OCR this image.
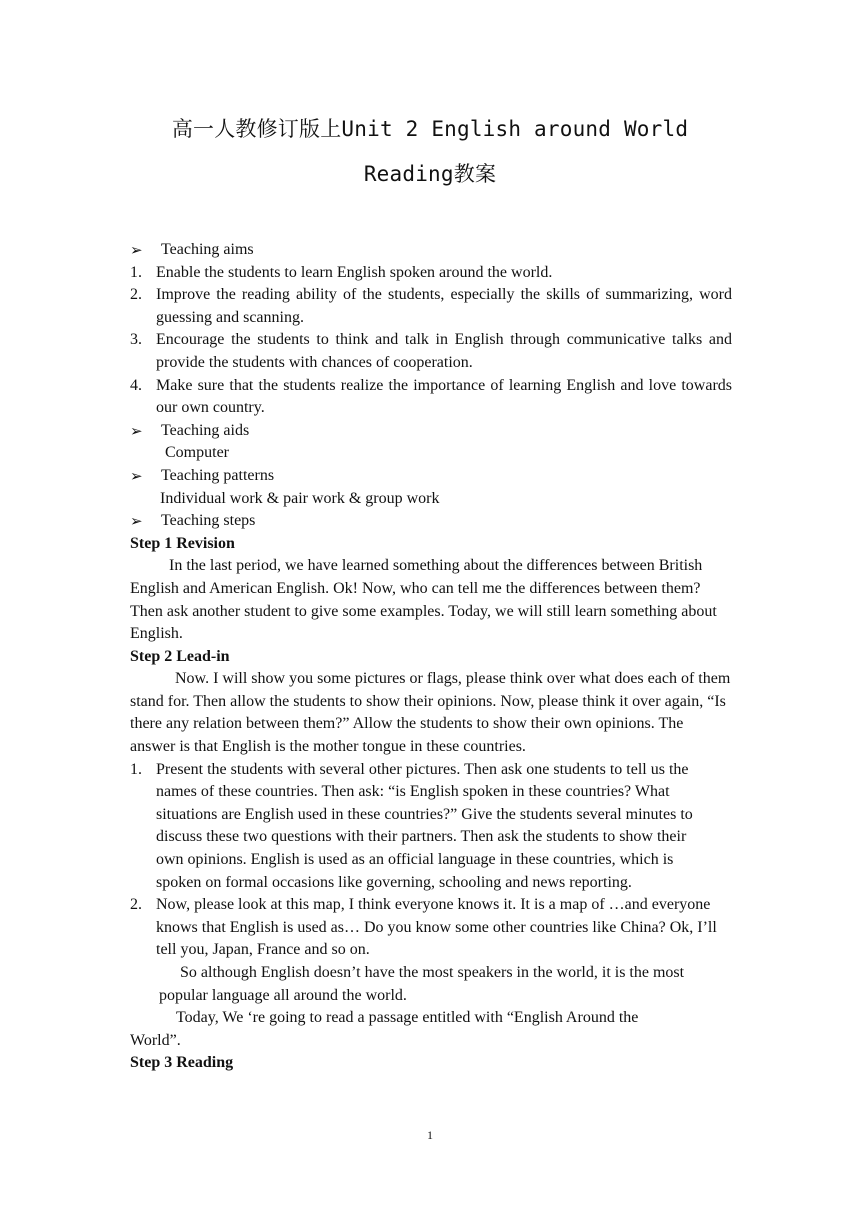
高一人教修订版上Unit 2 English around World
Reading教案
➢ Teaching aims
1. Enable the students to learn English spoken around the world.
2. Improve the reading ability of the students, especially the skills of summarizing, word guessing and scanning.
3. Encourage the students to think and talk in English through communicative talks and provide the students with chances of cooperation.
4. Make sure that the students realize the importance of learning English and love towards our own country.
➢ Teaching aids
Computer
➢ Teaching patterns
Individual work & pair work & group work
➢ Teaching steps
Step 1 Revision
In the last period, we have learned something about the differences between British English and American English. Ok! Now, who can tell me the differences between them? Then ask another student to give some examples. Today, we will still learn something about English.
Step 2 Lead-in
Now. I will show you some pictures or flags, please think over what does each of them stand for. Then allow the students to show their opinions. Now, please think it over again, “Is there any relation between them?” Allow the students to show their own opinions. The answer is that English is the mother tongue in these countries.
1. Present the students with several other pictures. Then ask one students to tell us the names of these countries. Then ask: “is English spoken in these countries? What situations are English used in these countries?” Give the students several minutes to discuss these two questions with their partners. Then ask the students to show their own opinions. English is used as an official language in these countries, which is spoken on formal occasions like governing, schooling and news reporting.
2. Now, please look at this map, I think everyone knows it. It is a map of …and everyone knows that English is used as… Do you know some other countries like China? Ok, I’ll tell you, Japan, France and so on.
So although English doesn’t have the most speakers in the world, it is the most popular language all around the world.
Today, We ‘re going to read a passage entitled with “English Around the World”.
Step 3 Reading
1
